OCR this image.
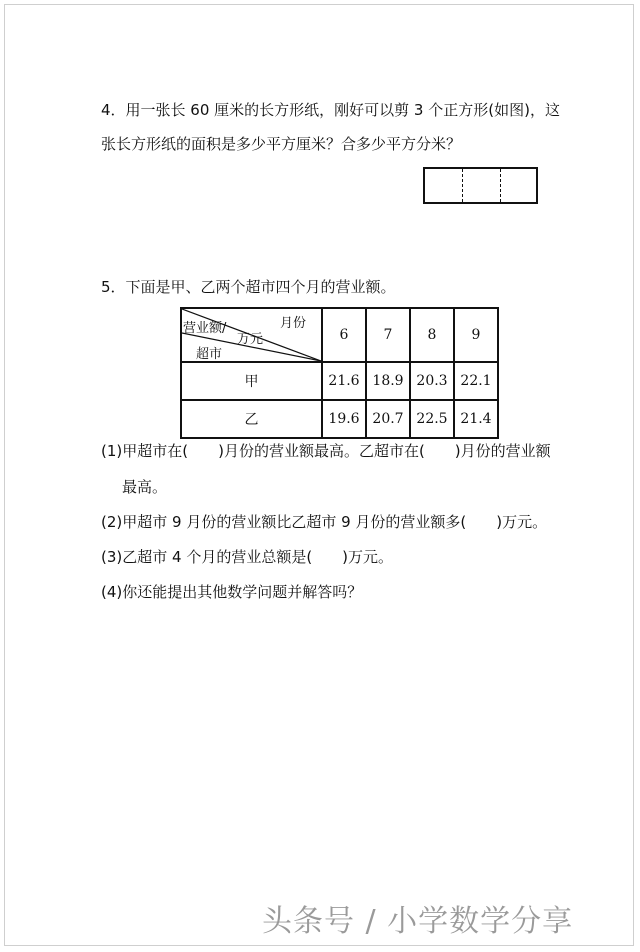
4．用一张长 60 厘米的长方形纸，刚好可以剪 3 个正方形(如图)，这
张长方形纸的面积是多少平方厘米？合多少平方分米？
5．下面是甲、乙两个超市四个月的营业额。
月份
营业额/
万元
超市	6	7	8	9
甲	21.6	18.9	20.3	22.1
乙	19.6	20.7	22.5	21.4
(1)甲超市在(　　)月份的营业额最高。乙超市在(　　)月份的营业额
最高。
(2)甲超市 9 月份的营业额比乙超市 9 月份的营业额多(　　)万元。
(3)乙超市 4 个月的营业总额是(　　)万元。
(4)你还能提出其他数学问题并解答吗？
头条号 / 小学数学分享
